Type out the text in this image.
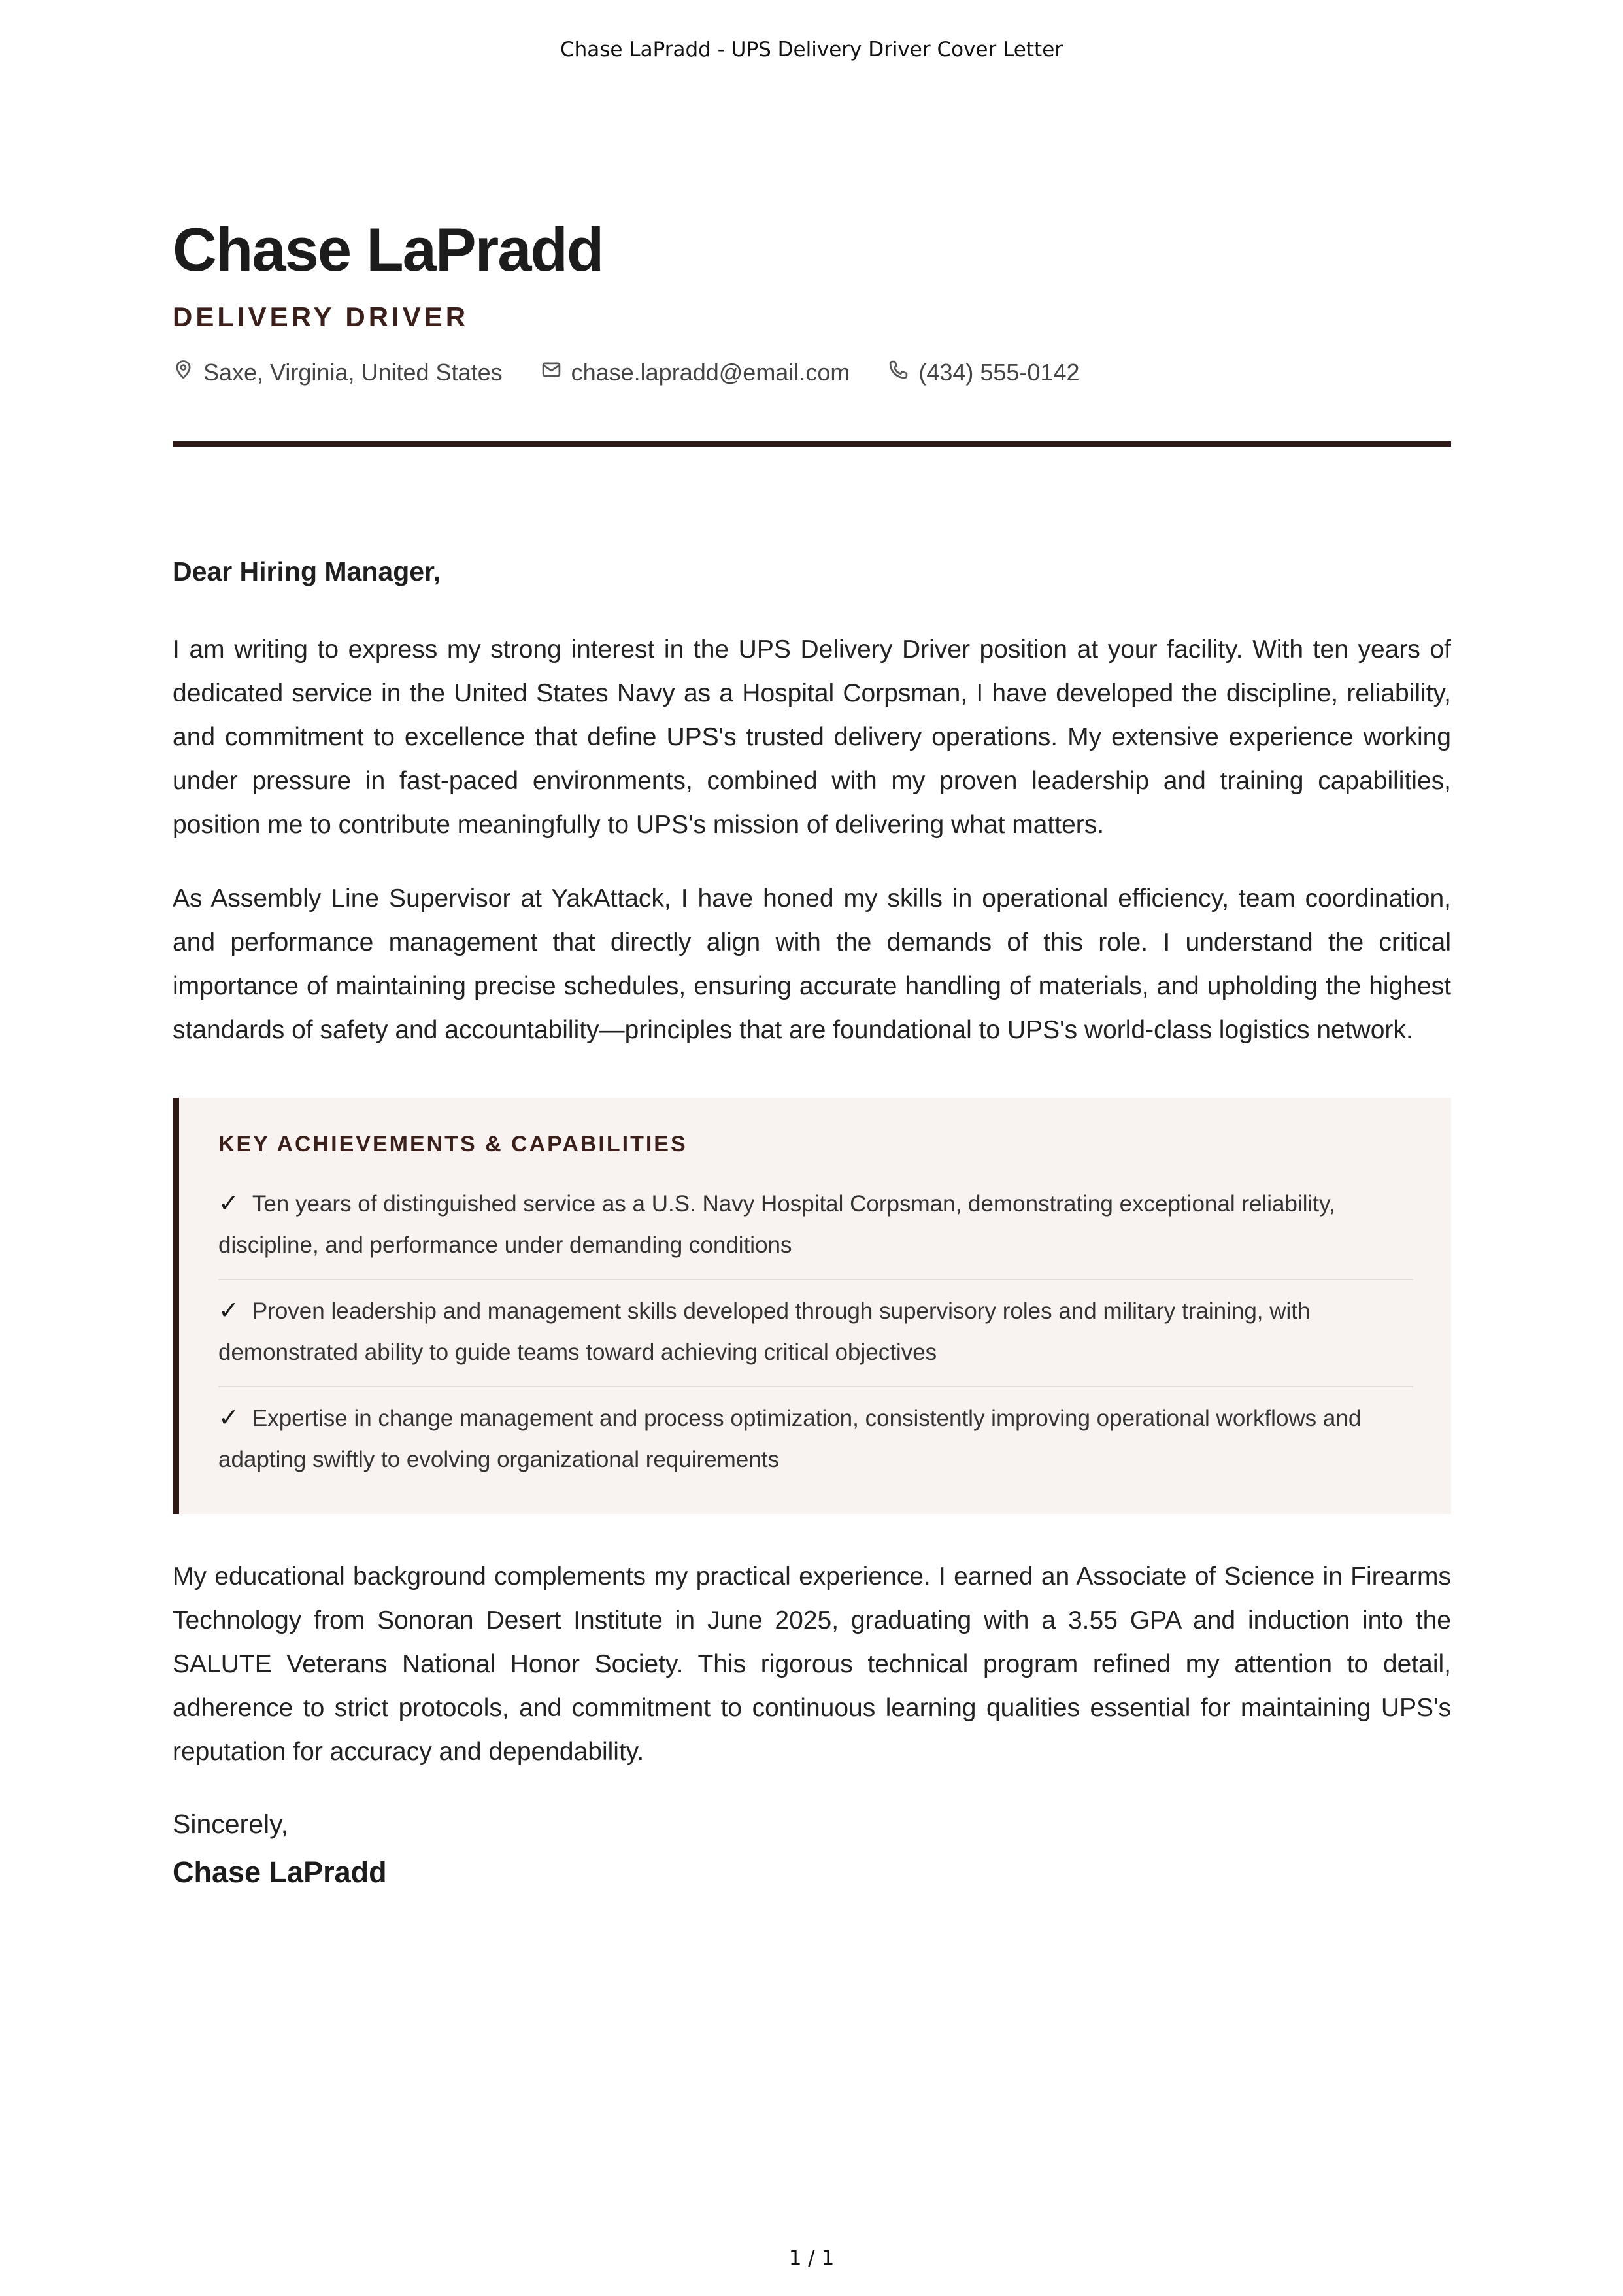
Chase LaPradd - UPS Delivery Driver Cover Letter
Chase LaPradd
DELIVERY DRIVER
Saxe, Virginia, United States	chase.lapradd@email.com	(434) 555-0142
Dear Hiring Manager,

I am writing to express my strong interest in the UPS Delivery Driver position at your facility. With ten years of dedicated service in the United States Navy as a Hospital Corpsman, I have developed the discipline, reliability, and commitment to excellence that define UPS's trusted delivery operations. My extensive experience working under pressure in fast-paced environments, combined with my proven leadership and training capabilities, position me to contribute meaningfully to UPS's mission of delivering what matters.

As Assembly Line Supervisor at YakAttack, I have honed my skills in operational efficiency, team coordination, and performance management that directly align with the demands of this role. I understand the critical importance of maintaining precise schedules, ensuring accurate handling of materials, and upholding the highest standards of safety and accountability—principles that are foundational to UPS's world-class logistics network.

KEY ACHIEVEMENTS & CAPABILITIES
✓ Ten years of distinguished service as a U.S. Navy Hospital Corpsman, demonstrating exceptional reliability, discipline, and performance under demanding conditions
✓ Proven leadership and management skills developed through supervisory roles and military training, with demonstrated ability to guide teams toward achieving critical objectives
✓ Expertise in change management and process optimization, consistently improving operational workflows and adapting swiftly to evolving organizational requirements

My educational background complements my practical experience. I earned an Associate of Science in Firearms Technology from Sonoran Desert Institute in June 2025, graduating with a 3.55 GPA and induction into the SALUTE Veterans National Honor Society. This rigorous technical program refined my attention to detail, adherence to strict protocols, and commitment to continuous learning qualities essential for maintaining UPS's reputation for accuracy and dependability.

Sincerely,
Chase LaPradd
1 / 1
